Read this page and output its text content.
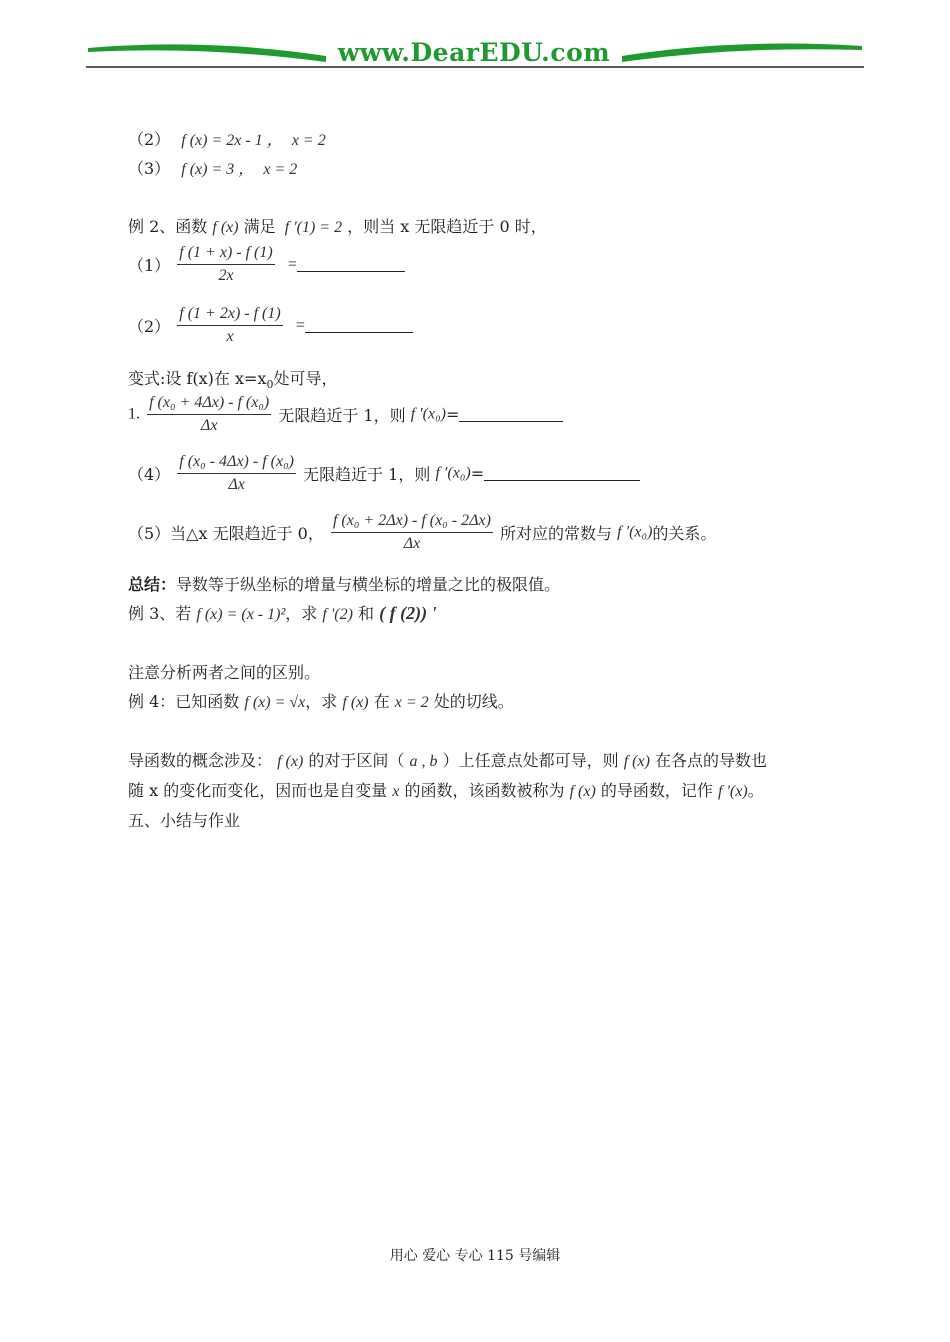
www.DearEDU.com
（2） f (x) = 2x - 1 ， x = 2
（3） f (x) = 3 ， x = 2
例 2、函数 f (x) 满足 f '(1) = 2 ，则当 x 无限趋近于 0 时，
$(1) \frac{f (1 + x) - f (1)}{2x}$ =
$(2) \frac{f (1 + 2x) - f (1)}{x}$ =
变式:设 f(x)在 $x=x_0$处可导，
1. $\frac{\text{f (x₀ + 4Δx) - f (x₀)}}{\Delta x}$ 无限趋近于 1，则 f ′(x₀)=
$(4) \frac{\text{f (x₀ - 4Δx) - f (x₀)}}{\Delta x}$ 无限趋近于 1，则 f ′(x₀)=
（5）当△x 无限趋近于 0， $\frac{\text{f (x₀ + 2Δx) - f (x₀ - 2Δx)}}{\Delta x}$ 所对应的常数与 f ′(x₀)的关系。
总结：导数等于纵坐标的增量与横坐标的增量之比的极限值。
例 3、若 f (x) = (x - 1)²，求 f '(2) 和 ( f (2)) '
注意分析两者之间的区别。
例 4：已知函数 f (x) = √x，求 f (x) 在 x = 2 处的切线。
导函数的概念涉及： f (x) 的对于区间（ a , b ）上任意点处都可导，则 f (x) 在各点的导数也
随 x 的变化而变化，因而也是自变量 x 的函数，该函数被称为 f (x) 的导函数，记作 f '(x)。
五、小结与作业
用心 爱心 专心 115 号编辑
